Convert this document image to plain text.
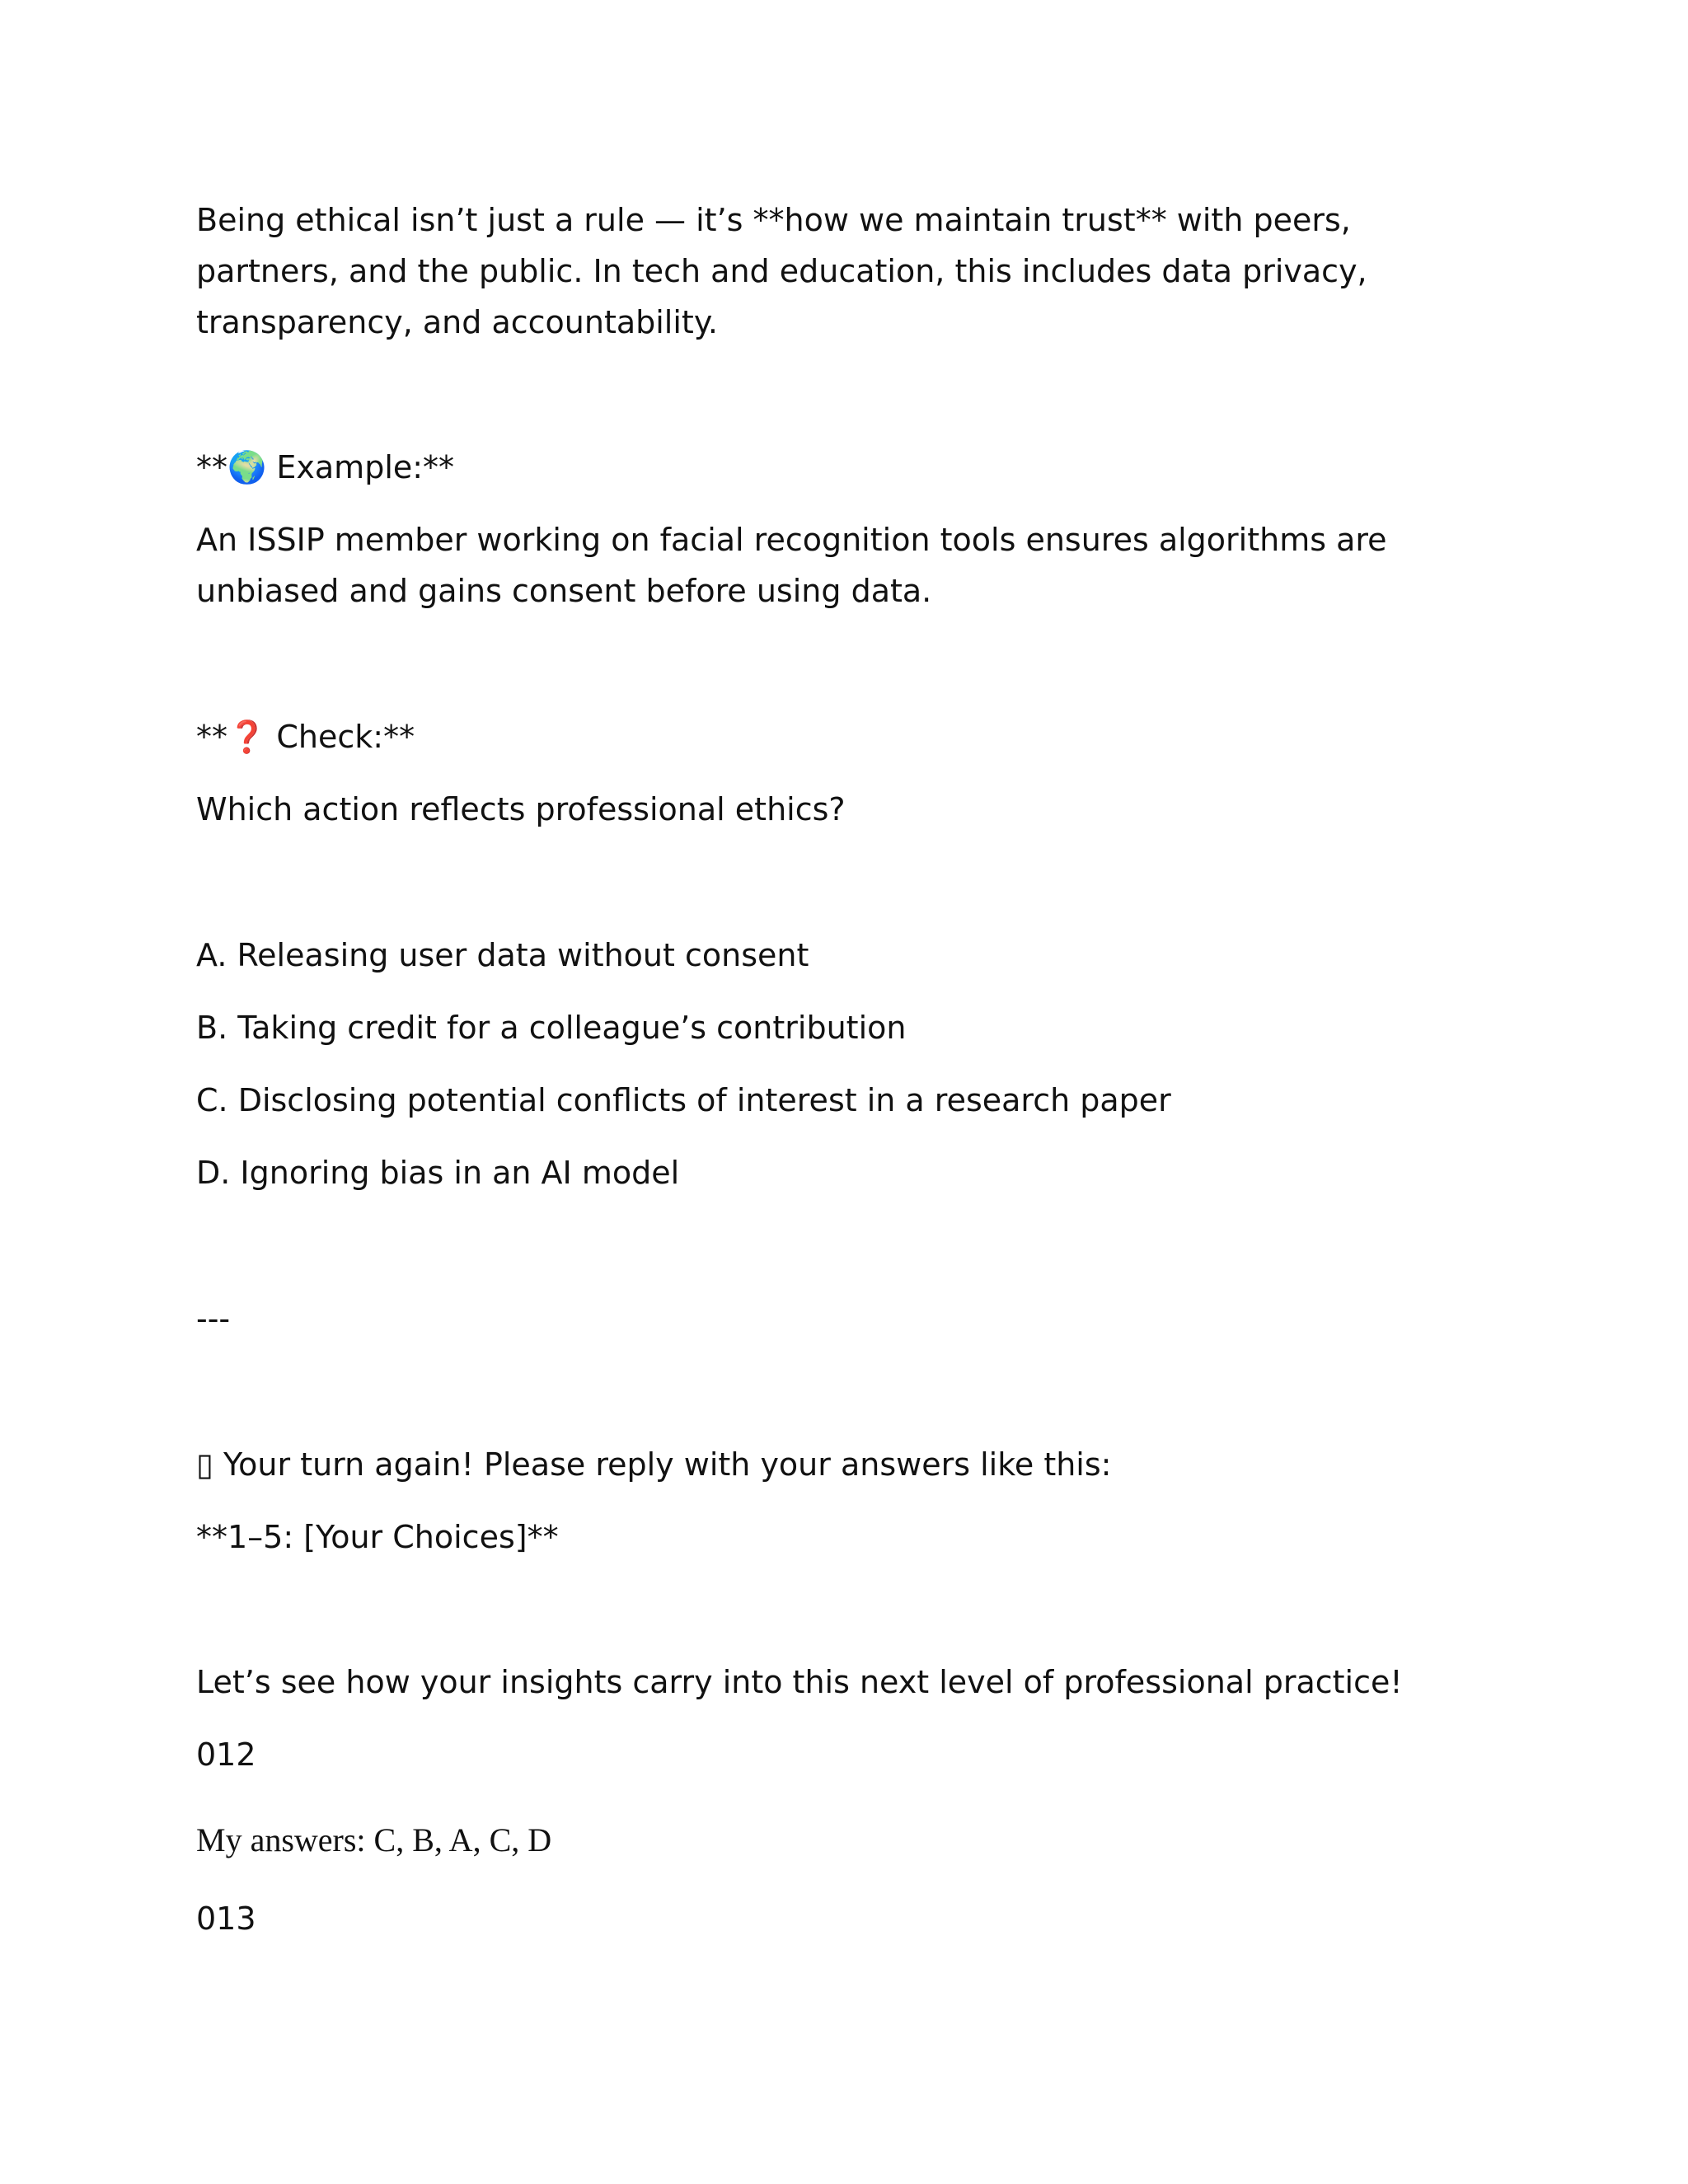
Being ethical isn’t just a rule — it’s **how we maintain trust** with peers,

partners, and the public. In tech and education, this includes data privacy,

transparency, and accountability.

**🌍 Example:**

An ISSIP member working on facial recognition tools ensures algorithms are

unbiased and gains consent before using data.

**❓ Check:**

Which action reflects professional ethics?

A. Releasing user data without consent

B. Taking credit for a colleague’s contribution

C. Disclosing potential conflicts of interest in a research paper

D. Ignoring bias in an AI model

---

▯ Your turn again! Please reply with your answers like this:

**1–5: [Your Choices]**

Let’s see how your insights carry into this next level of professional practice!

012

My answers: C, B, A, C, D

013
